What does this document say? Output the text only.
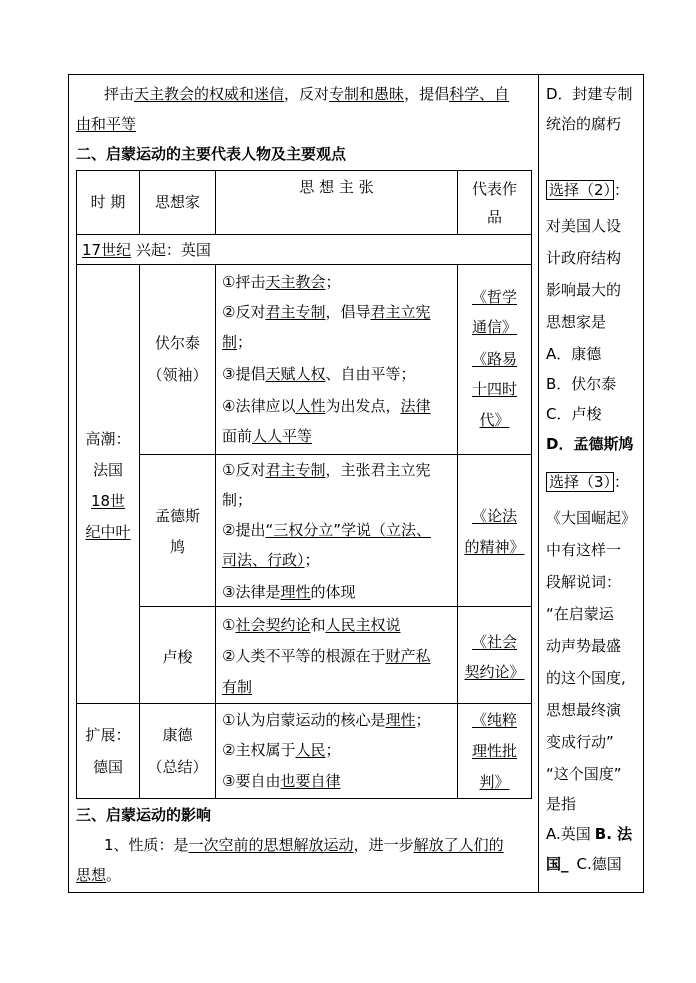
抨击天主教会的权威和迷信，反对专制和愚昧，提倡科学、自
由和平等
二、启蒙运动的主要代表人物及主要观点
时 期	思想家
思 想 主 张	代表作
品
17世纪 兴起：英国
高潮：
法国
18世
纪中叶
扩展：
德国
伏尔泰
（领袖）
①抨击天主教会；
②反对君主专制，倡导君主立宪
制；
③提倡天赋人权、自由平等；
④法律应以人性为出发点，法律
面前人人平等
《哲学
通信》
《路易
十四时
代》
孟德斯
鸠
①反对君主专制，主张君主立宪
制；
②提出“三权分立”学说（立法、
司法、行政）；
③法律是理性的体现
《论法
的精神》
卢梭
①社会契约论和人民主权说
②人类不平等的根源在于财产私
有制
《社会
契约论》
康德
（总结）
①认为启蒙运动的核心是理性；
②主权属于人民；
③要自由也要自律
《纯粹
理性批
判》
三、启蒙运动的影响
1、性质：是一次空前的思想解放运动，进一步解放了人们的
思想。
D．封建专制
统治的腐朽
选择（2） ：
对美国人设
计政府结构
影响最大的
思想家是
A．康德
B．伏尔泰
C．卢梭
D．孟德斯鸠
选择（3） ：
《大国崛起》
中有这样一
段解说词：
“在启蒙运
动声势最盛
的这个国度,
思想最终演
变成行动”
“这个国度”
是指
A.英国 B. 法
国_ C.德国
